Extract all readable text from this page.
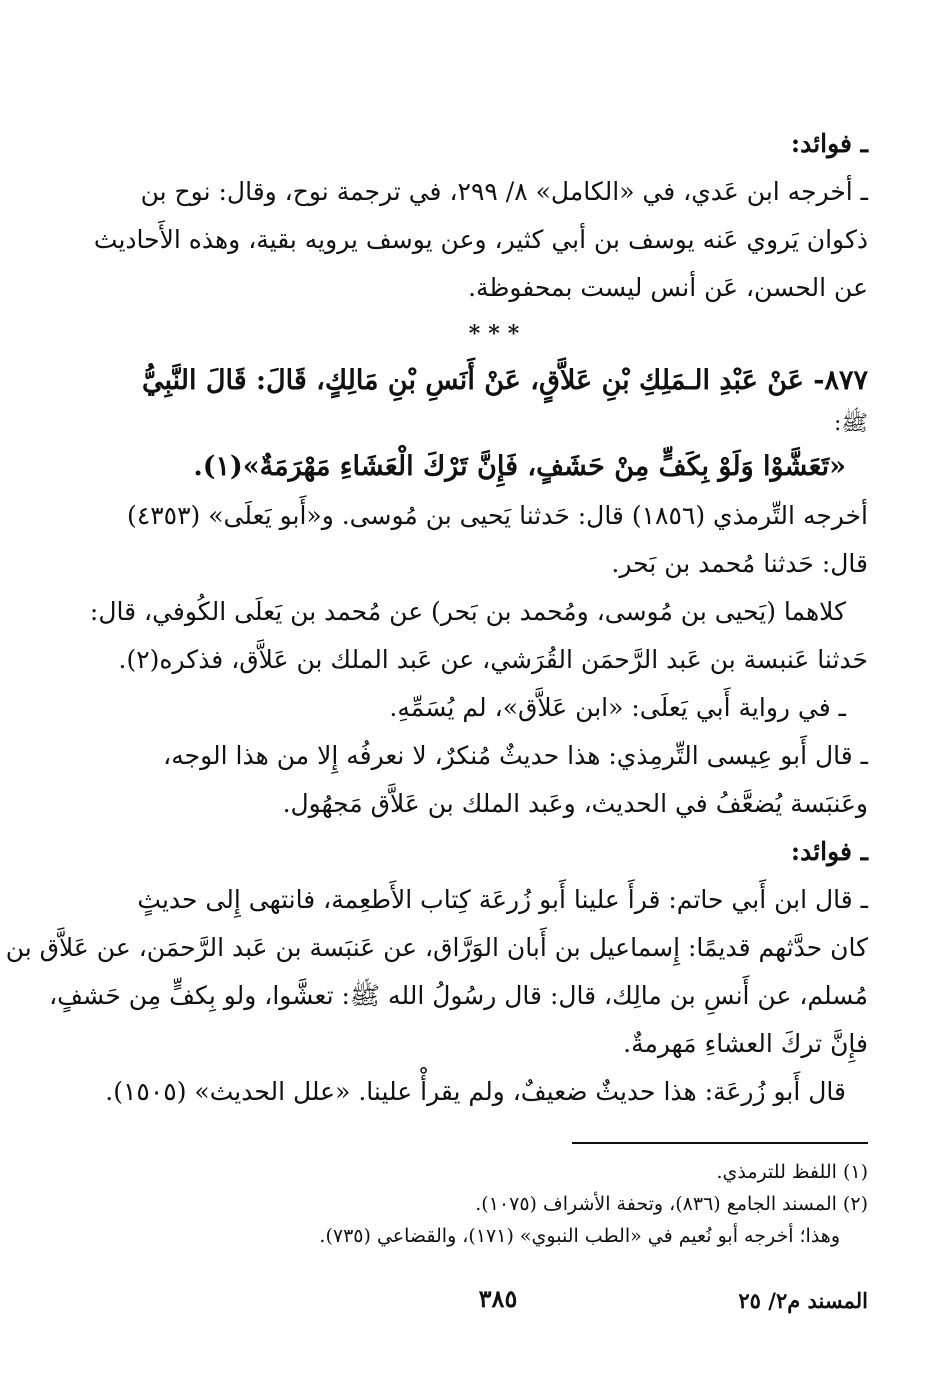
ـ فوائد:
ـ أخرجه ابن عَدي، في «الكامل» ٨/ ٢٩٩، في ترجمة نوح، وقال: نوح بن
ذكوان يَروي عَنه يوسف بن أبي كثير، وعن يوسف يرويه بقية، وهذه الأَحاديث
عن الحسن، عَن أنس ليست بمحفوظة.
***
٨٧٧- عَنْ عَبْدِ الـمَلِكِ بْنِ عَلاَّقٍ، عَنْ أَنَسِ بْنِ مَالِكٍ، قَالَ: قَالَ النَّبِيُّ
ﷺ:
«تَعَشَّوْا وَلَوْ بِكَفٍّ مِنْ حَشَفٍ، فَإِنَّ تَرْكَ الْعَشَاءِ مَهْرَمَةٌ»(١).
أخرجه التِّرمذي (١٨٥٦) قال: حَدثنا يَحيى بن مُوسى. و«أَبو يَعلَى» (٤٣٥٣)
قال: حَدثنا مُحمد بن بَحر.
كلاهما (يَحيى بن مُوسى، ومُحمد بن بَحر) عن مُحمد بن يَعلَى الكُوفي، قال:
حَدثنا عَنبسة بن عَبد الرَّحمَن القُرَشي، عن عَبد الملك بن عَلاَّق، فذكره(٢).
ـ في رواية أَبي يَعلَى: «ابن عَلاَّق»، لم يُسَمِّهِ.
ـ قال أَبو عِيسى التِّرمِذي: هذا حديثٌ مُنكرٌ، لا نعرفُه إِلا من هذا الوجه،
وعَنبَسة يُضعَّفُ في الحديث، وعَبد الملك بن عَلاَّق مَجهُول.
ـ فوائد:
ـ قال ابن أَبي حاتم: قرأَ علينا أَبو زُرعَة كِتاب الأَطعِمة، فانتهى إِلى حديثٍ
كان حدَّثهم قديمًا: إِسماعيل بن أَبان الوَرَّاق، عن عَنبَسة بن عَبد الرَّحمَن، عن عَلاَّق بن
مُسلم، عن أَنسِ بن مالِك، قال: قال رسُولُ الله ﷺ: تعشَّوا، ولو بِكفٍّ مِن حَشفٍ،
فإِنَّ تركَ العشاءِ مَهرمةٌ.
قال أَبو زُرعَة: هذا حديثٌ ضعيفٌ، ولم يقرأْ علينا. «علل الحديث» (١٥٠٥).
(١) اللفظ للترمذي.
(٢) المسند الجامع (٨٣٦)، وتحفة الأشراف (١٠٧٥).
وهذا؛ أخرجه أبو نُعيم في «الطب النبوي» (١٧١)، والقضاعي (٧٣٥).
المسند م٢/ ٢٥
٣٨٥
